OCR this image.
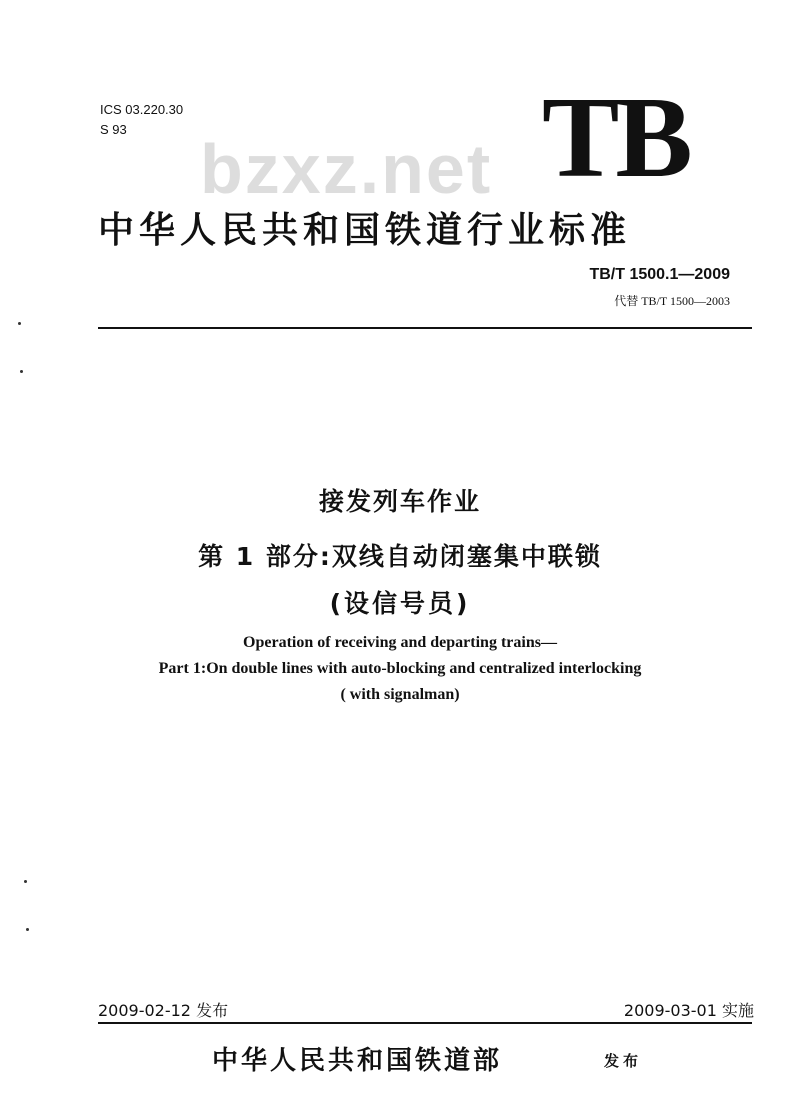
ICS 03.220.30
S 93
bzxz.net TB
中华人民共和国铁道行业标准
TB/T 1500.1—2009
代替 TB/T 1500—2003
接发列车作业
第 1 部分:双线自动闭塞集中联锁
(设信号员)
Operation of receiving and departing trains—
Part 1:On double lines with auto-blocking and centralized interlocking
( with signalman)
2009-02-12 发布	2009-03-01 实施
中华人民共和国铁道部	发布
